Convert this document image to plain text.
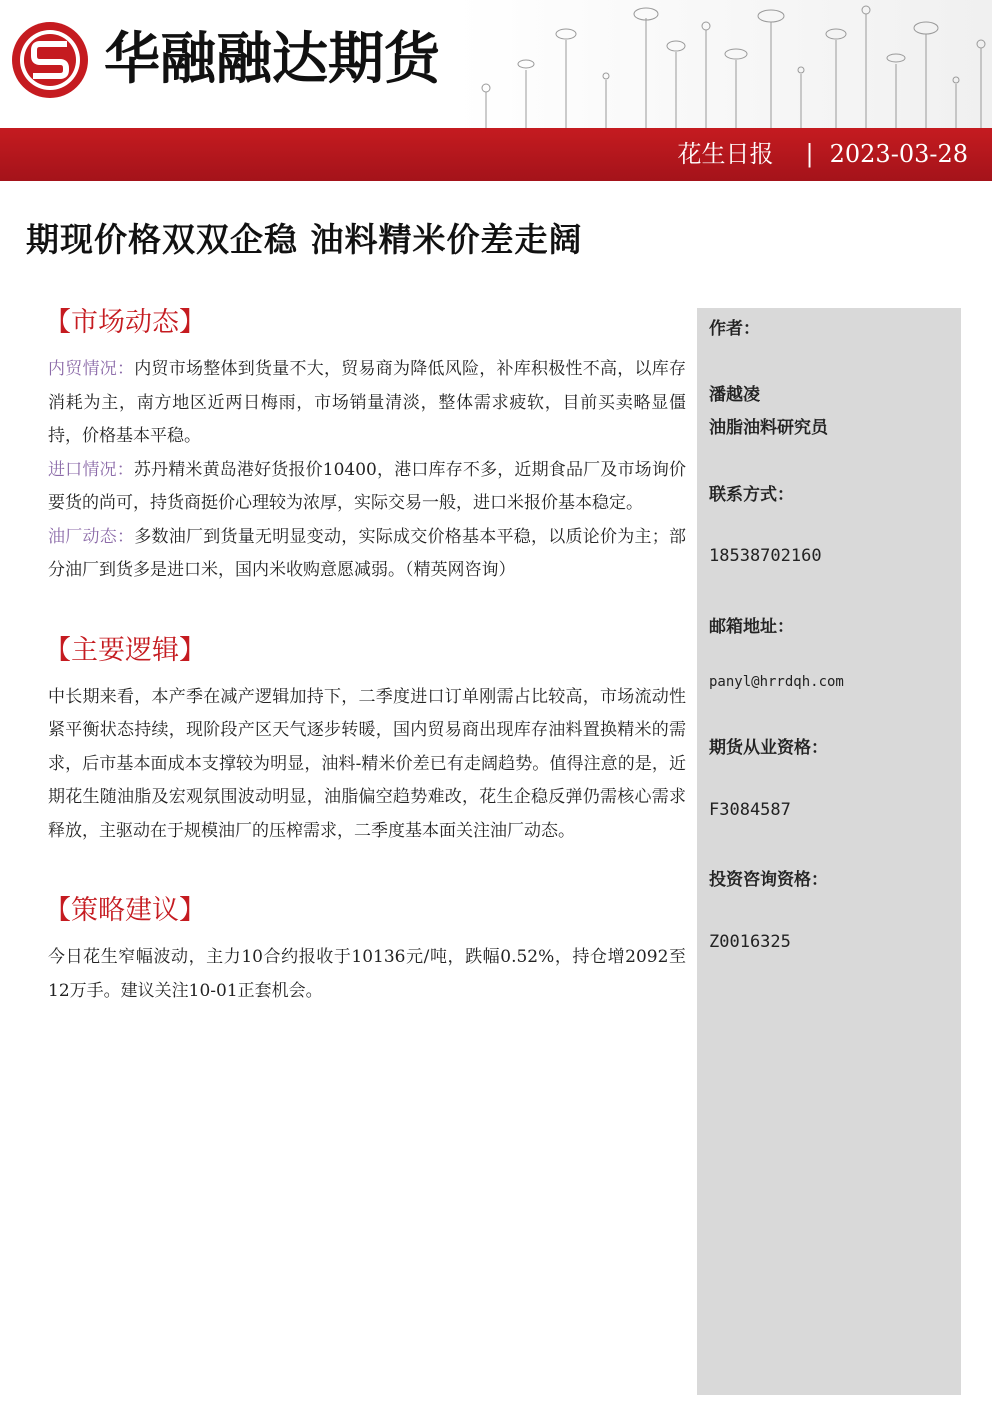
华融融达期货
花生日报 | 2023-03-28
期现价格双双企稳 油料精米价差走阔
【市场动态】

内贸情况：内贸市场整体到货量不大，贸易商为降低风险，补库积极性不高，以库存消耗为主，南方地区近两日梅雨，市场销量清淡，整体需求疲软，目前买卖略显僵持，价格基本平稳。

进口情况：苏丹精米黄岛港好货报价10400，港口库存不多，近期食品厂及市场询价要货的尚可，持货商挺价心理较为浓厚，实际交易一般，进口米报价基本稳定。

油厂动态：多数油厂到货量无明显变动，实际成交价格基本平稳，以质论价为主；部分油厂到货多是进口米，国内米收购意愿减弱。（精英网咨询）

【主要逻辑】

中长期来看，本产季在减产逻辑加持下，二季度进口订单刚需占比较高，市场流动性紧平衡状态持续，现阶段产区天气逐步转暖，国内贸易商出现库存油料置换精米的需求，后市基本面成本支撑较为明显，油料-精米价差已有走阔趋势。值得注意的是，近期花生随油脂及宏观氛围波动明显，油脂偏空趋势难改，花生企稳反弹仍需核心需求释放，主驱动在于规模油厂的压榨需求，二季度基本面关注油厂动态。

【策略建议】

今日花生窄幅波动，主力10合约报收于10136元/吨，跌幅0.52%，持仓增2092至12万手。建议关注10-01正套机会。

作者：
潘越凌
油脂油料研究员
联系方式：
18538702160
邮箱地址：
panyl@hrrdqh.com
期货从业资格：
F3084587
投资咨询资格：
Z0016325
